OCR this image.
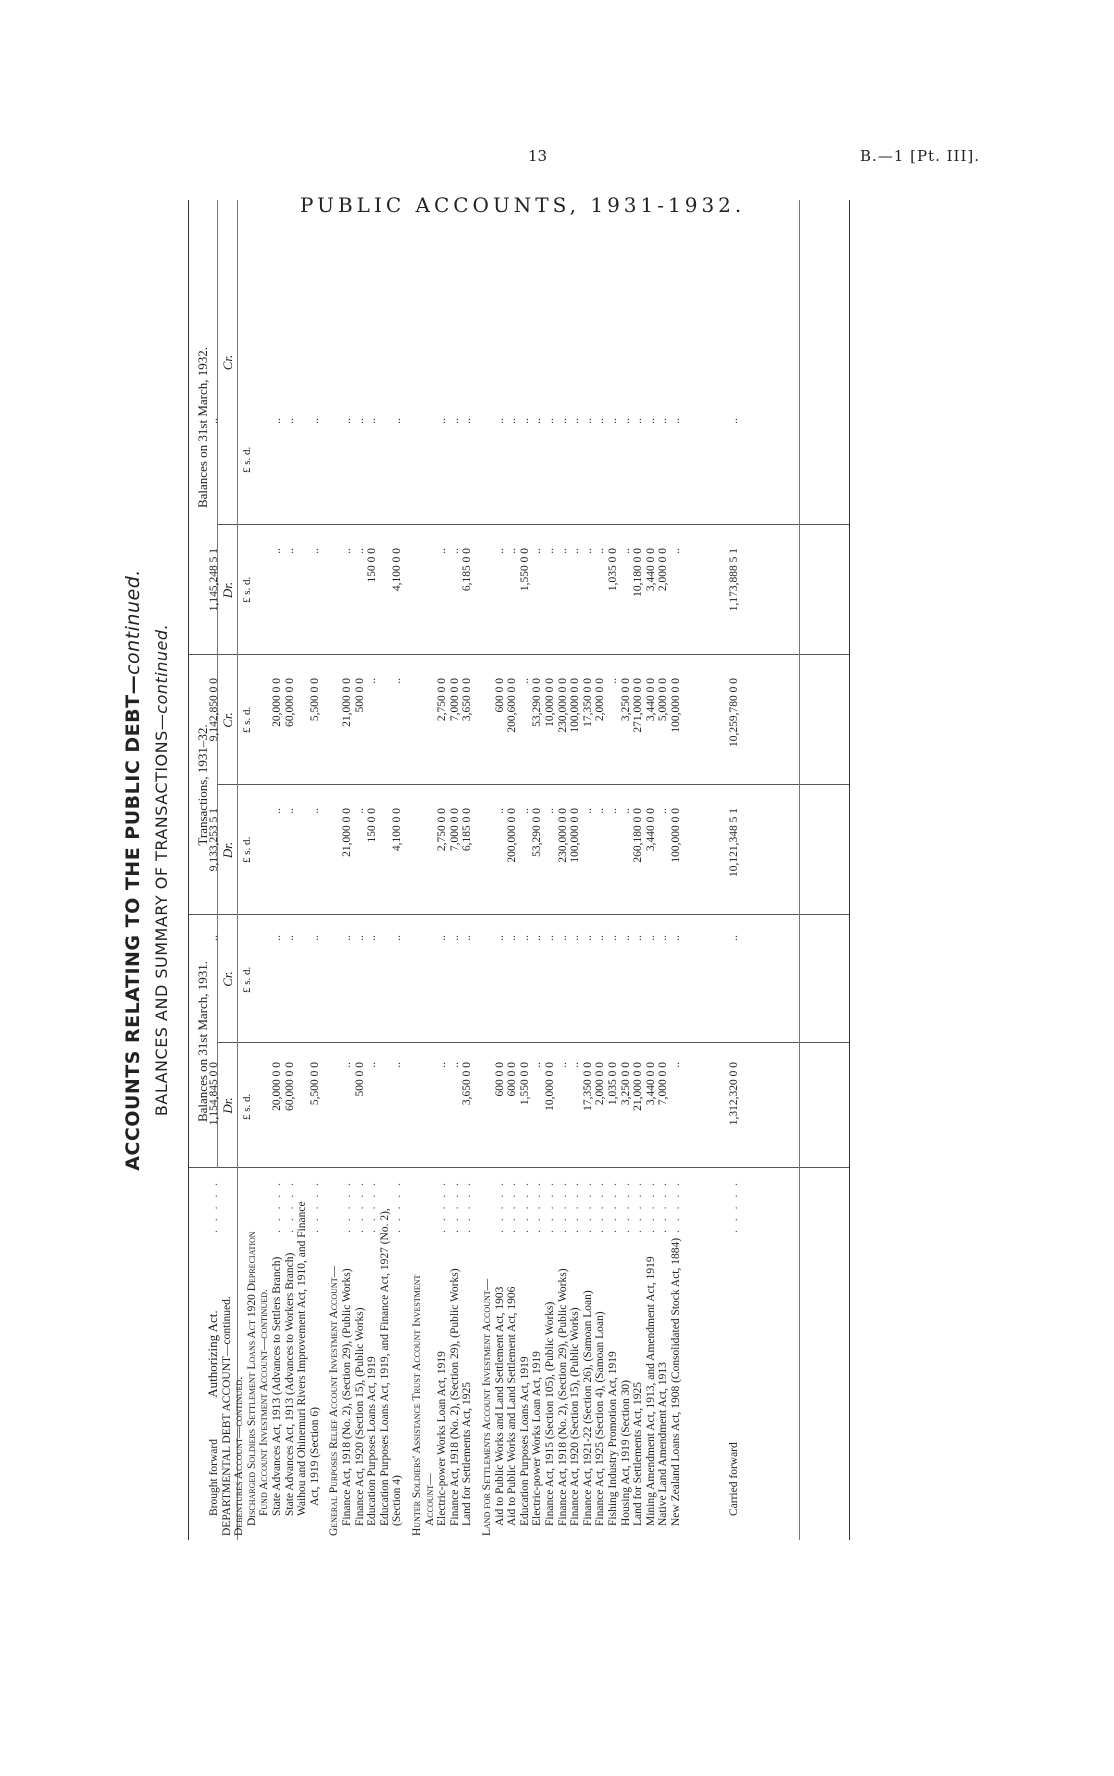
13	B.—1 [Pt. III].
PUBLIC ACCOUNTS, 1931-1932.
ACCOUNTS RELATING TO THE PUBLIC DEBT—continued.
BALANCES AND SUMMARY OF TRANSACTIONS—continued.
Authorizing Act.
Balances on 31st March, 1931.
Transactions, 1931–32.
Balances on 31st March, 1932.
Dr.
Cr.
Dr.
Cr.
Dr.
Cr.
£ s. d.
£ s. d.
£ s. d.
£ s. d.
£ s. d.
£ s. d.
Brought forward
. . . . .
1,154,845 0 0
..
9,133,253 5 1
9,142,850 0 0
1,145,248 5 1
..
DEPARTMENTAL DEBT ACCOUNT—continued. Debentures Account—continued. Discharged Soldiers Settlement Loans Act 1920 Depreciation Fund Account Investment Account—continued. State Advances Act, 1913 (Advances to Settlers Branch)
. . . . .
20,000 0 0
..
..
20,000 0 0
..
..
State Advances Act, 1913 (Advances to Workers Branch)
. . . . .
60,000 0 0
..
..
60,000 0 0
..
..
Waihou and Ohinemuri Rivers Improvement Act, 1910, and Finance Act, 1919 (Section 6)
. . . . .
5,500 0 0
..
..
5,500 0 0
..
..
General Purposes Relief Account Investment Account— Finance Act, 1918 (No. 2), (Section 29), (Public Works)
. . . . .
..
..
21,000 0 0
21,000 0 0
..
..
Finance Act, 1920 (Section 15), (Public Works)
. . . . .
500 0 0
..
..
500 0 0
..
..
Education Purposes Loans Act, 1919
. . . . .
..
..
150 0 0
..
150 0 0
..
Education Purposes Loans Act, 1919, and Finance Act, 1927 (No. 2), (Section 4)
. . . . .
..
..
4,100 0 0
..
4,100 0 0
..
Hunter Soldiers' Assistance Trust Account Investment Account— Electric-power Works Loan Act, 1919
. . . . .
..
..
2,750 0 0
2,750 0 0
..
..
Finance Act, 1918 (No. 2), (Section 29), (Public Works)
. . . . .
..
..
7,000 0 0
7,000 0 0
..
..
Land for Settlements Act, 1925
. . . . .
3,650 0 0
..
6,185 0 0
3,650 0 0
6,185 0 0
..
Land for Settlements Account Investment Account— Aid to Public Works and Land Settlement Act, 1903
. . . . .
600 0 0
..
..
600 0 0
..
..
Aid to Public Works and Land Settlement Act, 1906
. . . . .
600 0 0
..
200,000 0 0
200,600 0 0
..
..
Education Purposes Loans Act, 1919
. . . . .
1,550 0 0
..
..
..
1,550 0 0
..
Electric-power Works Loan Act, 1919
. . . . .
..
..
53,290 0 0
53,290 0 0
..
..
Finance Act, 1915 (Section 105), (Public Works)
. . . . .
10,000 0 0
..
..
10,000 0 0
..
..
Finance Act, 1918 (No. 2), (Section 29), (Public Works)
. . . . .
..
..
230,000 0 0
230,000 0 0
..
..
Finance Act, 1920 (Section 15), (Public Works)
. . . . .
..
..
100,000 0 0
100,000 0 0
..
..
Finance Act, 1921-22 (Section 26), (Samoan Loan)
. . . . .
17,350 0 0
..
..
17,350 0 0
..
..
Finance Act, 1925 (Section 4), (Samoan Loan)
. . . . .
2,000 0 0
..
..
2,000 0 0
..
..
Fishing Industry Promotion Act, 1919
. . . . .
1,035 0 0
..
..
..
1,035 0 0
..
Housing Act, 1919 (Section 30)
. . . . .
3,250 0 0
..
..
3,250 0 0
..
..
Land for Settlements Act, 1925
. . . . .
21,000 0 0
..
260,180 0 0
271,000 0 0
10,180 0 0
..
Mining Amendment Act, 1913, and Amendment Act, 1919
. . . . .
3,440 0 0
..
3,440 0 0
3,440 0 0
3,440 0 0
..
Native Land Amendment Act, 1913
. . . . .
7,000 0 0
..
..
5,000 0 0
2,000 0 0
..
New Zealand Loans Act, 1908 (Consolidated Stock Act, 1884)
. . . . .
..
..
100,000 0 0
100,000 0 0
..
..
Carried forward
. . . . .
1,312,320 0 0
..
10,121,348 5 1
10,259,780 0 0
1,173,888 5 1
..
